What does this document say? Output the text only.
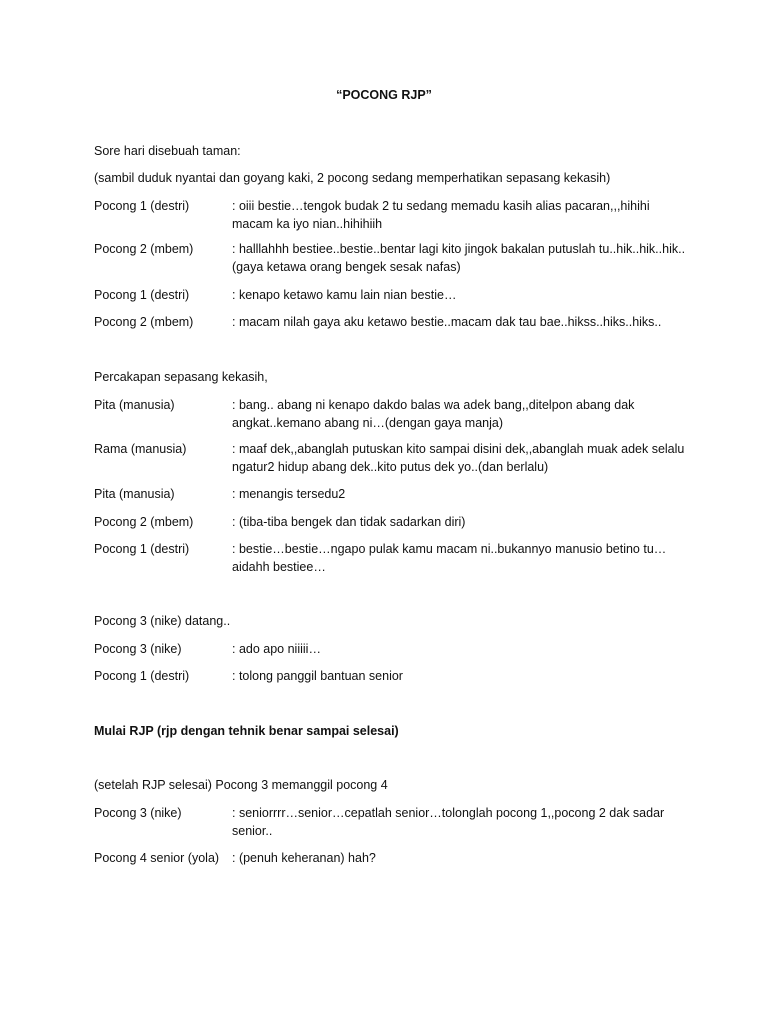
“POCONG RJP”
Sore hari disebuah taman:
(sambil duduk nyantai dan goyang kaki, 2 pocong sedang memperhatikan sepasang kekasih)
Pocong 1 (destri)	: oiii bestie…tengok budak 2 tu sedang memadu kasih alias pacaran,,,hihihi macam ka iyo nian..hihihiih
Pocong 2 (mbem)	: halllahhh bestiee..bestie..bentar lagi kito jingok bakalan putuslah tu..hik..hik..hik..(gaya ketawa orang bengek sesak nafas)
Pocong 1 (destri)	: kenapo ketawo kamu lain nian bestie…
Pocong 2 (mbem)	: macam nilah gaya aku ketawo bestie..macam dak tau bae..hikss..hiks..hiks..
Percakapan sepasang kekasih,
Pita (manusia)	: bang.. abang ni kenapo dakdo balas wa adek bang,,ditelpon abang dak angkat..kemano abang ni…(dengan gaya manja)
Rama (manusia)	: maaf dek,,abanglah putuskan kito sampai disini dek,,abanglah muak adek selalu ngatur2 hidup abang dek..kito putus dek yo..(dan berlalu)
Pita (manusia)	: menangis tersedu2
Pocong 2 (mbem)	: (tiba-tiba bengek dan tidak sadarkan diri)
Pocong 1 (destri)	: bestie…bestie…ngapo pulak kamu macam ni..bukannyo manusio betino tu…aidahh bestiee…
Pocong 3 (nike) datang..
Pocong 3 (nike)	: ado apo niiiii…
Pocong 1 (destri)	: tolong panggil bantuan senior
Mulai RJP (rjp dengan tehnik benar sampai selesai)
(setelah RJP selesai) Pocong 3 memanggil pocong 4
Pocong 3 (nike)	: seniorrrr…senior…cepatlah senior…tolonglah pocong 1,,pocong 2 dak sadar senior..
Pocong 4 senior (yola)	: (penuh keheranan) hah?
